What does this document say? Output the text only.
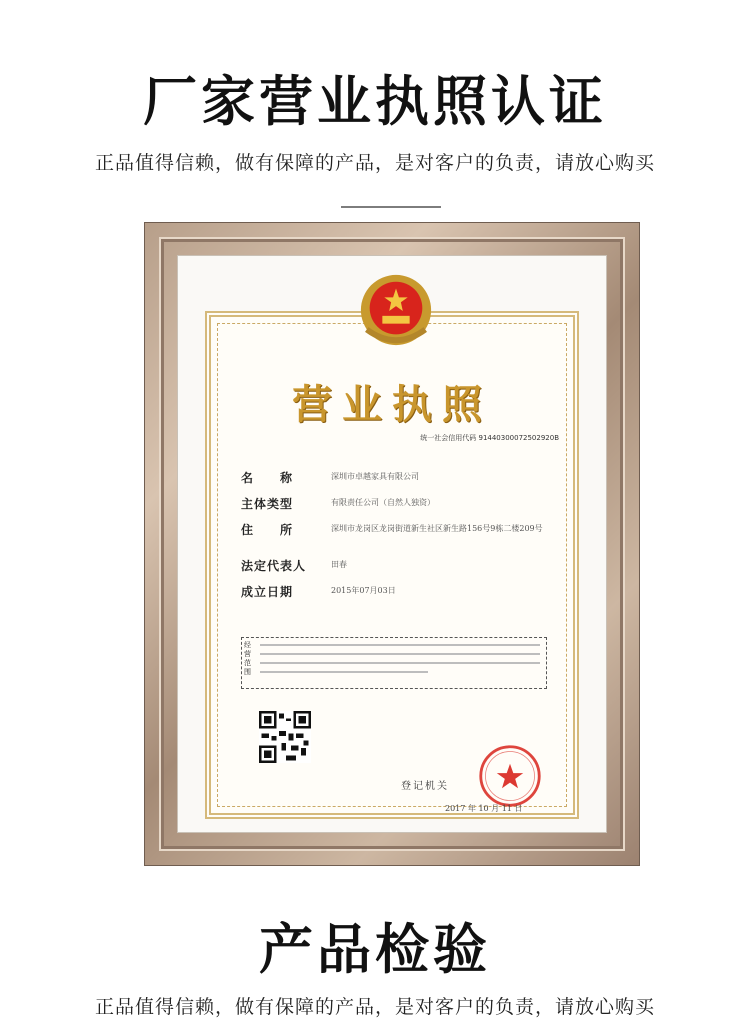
厂家营业执照认证
正品值得信赖，做有保障的产品，是对客户的负责，请放心购买
营业执照
统一社会信用代码 91440300072502920B
名　　称	深圳市卓越家具有限公司
主体类型	有限责任公司（自然人独资）
住　　所	深圳市龙岗区龙岗街道新生社区新生路156号9栋二楼209号
法定代表人	田春
成立日期	2015年07月03日
经营范围
登记机关
2017 年 10 月 11 日
产品检验
正品值得信赖，做有保障的产品，是对客户的负责，请放心购买
